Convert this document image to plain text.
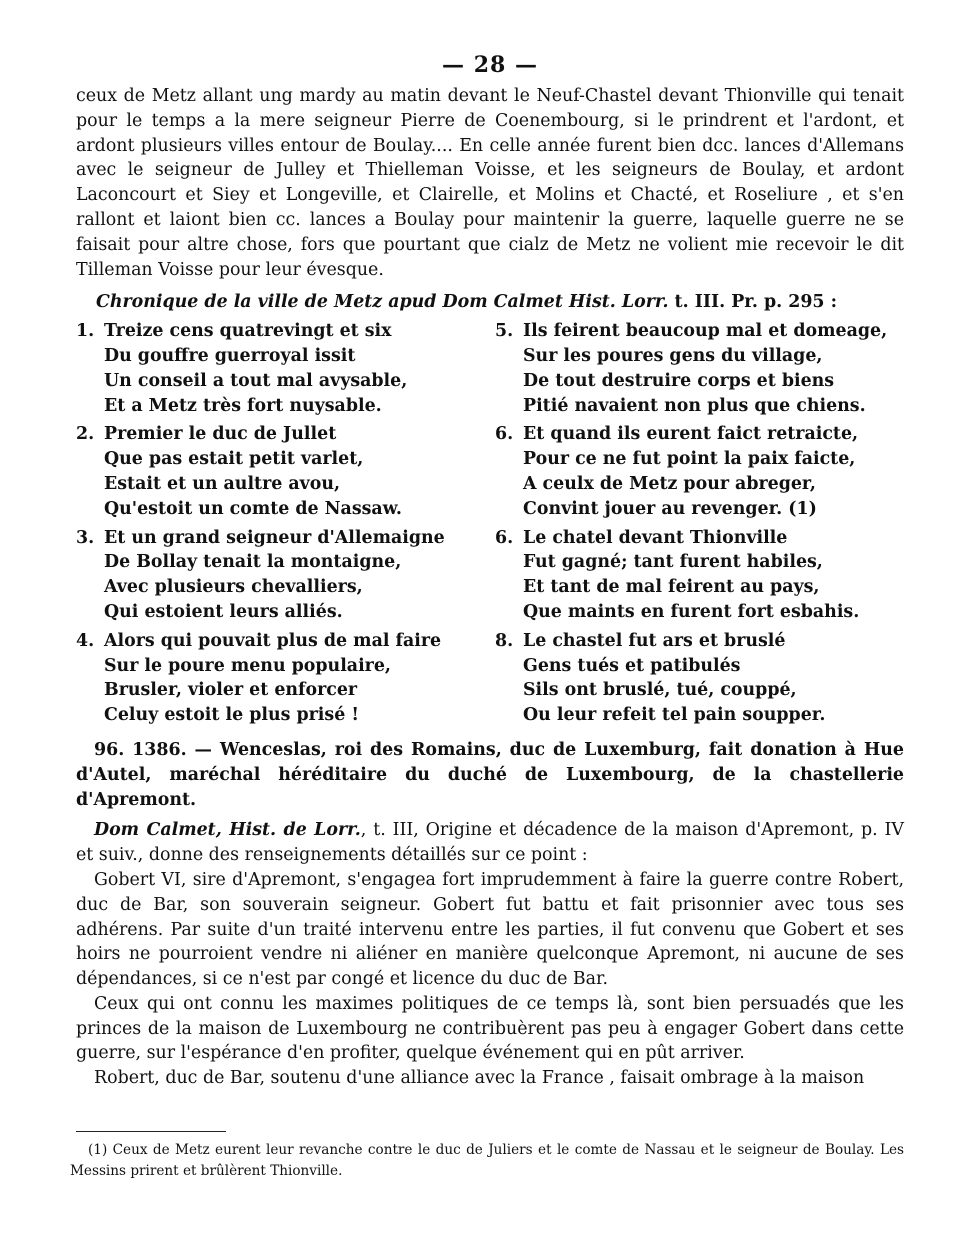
— 28 —

ceux de Metz allant ung mardy au matin devant le Neuf-Chastel devant Thionville qui tenait pour le temps a la mere seigneur Pierre de Coenembourg, si le prindrent et l'ardont, et ardont plusieurs villes entour de Boulay.... En celle année furent bien dcc. lances d'Allemans avec le seigneur de Julley et Thielleman Voisse, et les seigneurs de Boulay, et ardont Laconcourt et Siey et Longeville, et Clairelle, et Molins et Chacté, et Roseliure , et s'en rallont et laiont bien cc. lances a Boulay pour maintenir la guerre, laquelle guerre ne se faisait pour altre chose, fors que pourtant que cialz de Metz ne volient mie recevoir le dit Tilleman Voisse pour leur évesque.

Chronique de la ville de Metz apud Dom Calmet Hist. Lorr. t. III. Pr. p. 295 :

1. Treize cens quatrevingt et six
Du gouffre guerroyal issit
Un conseil a tout mal avysable,
Et a Metz très fort nuysable.
2. Premier le duc de Jullet
Que pas estait petit varlet,
Estait et un aultre avou,
Qu'estoit un comte de Nassaw.
3. Et un grand seigneur d'Allemaigne
De Bollay tenait la montaigne,
Avec plusieurs chevalliers,
Qui estoient leurs alliés.
4. Alors qui pouvait plus de mal faire
Sur le poure menu populaire,
Brusler, violer et enforcer
Celuy estoit le plus prisé !
5. Ils feirent beaucoup mal et domeage,
Sur les poures gens du village,
De tout destruire corps et biens
Pitié navaient non plus que chiens.
6. Et quand ils eurent faict retraicte,
Pour ce ne fut point la paix faicte,
A ceulx de Metz pour abreger,
Convint jouer au revenger. (1)
6. Le chatel devant Thionville
Fut gagné; tant furent habiles,
Et tant de mal feirent au pays,
Que maints en furent fort esbahis.
8. Le chastel fut ars et bruslé
Gens tués et patibulés
Sils ont bruslé, tué, couppé,
Ou leur refeit tel pain soupper.

96. 1386. — Wenceslas, roi des Romains, duc de Luxemburg, fait donation à Hue d'Autel, maréchal héréditaire du duché de Luxembourg, de la chastellerie d'Apremont.

Dom Calmet, Hist. de Lorr., t. III, Origine et décadence de la maison d'Apremont, p. IV et suiv., donne des renseignements détaillés sur ce point :

Gobert VI, sire d'Apremont, s'engagea fort imprudemment à faire la guerre contre Robert, duc de Bar, son souverain seigneur. Gobert fut battu et fait prisonnier avec tous ses adhérens. Par suite d'un traité intervenu entre les parties, il fut convenu que Gobert et ses hoirs ne pourroient vendre ni aliéner en manière quelconque Apremont, ni aucune de ses dépendances, si ce n'est par congé et licence du duc de Bar.

Ceux qui ont connu les maximes politiques de ce temps là, sont bien persuadés que les princes de la maison de Luxembourg ne contribuèrent pas peu à engager Gobert dans cette guerre, sur l'espérance d'en profiter, quelque événement qui en pût arriver.

Robert, duc de Bar, soutenu d'une alliance avec la France , faisait ombrage à la maison

(1) Ceux de Metz eurent leur revanche contre le duc de Juliers et le comte de Nassau et le seigneur de Boulay. Les Messins prirent et brûlèrent Thionville.
